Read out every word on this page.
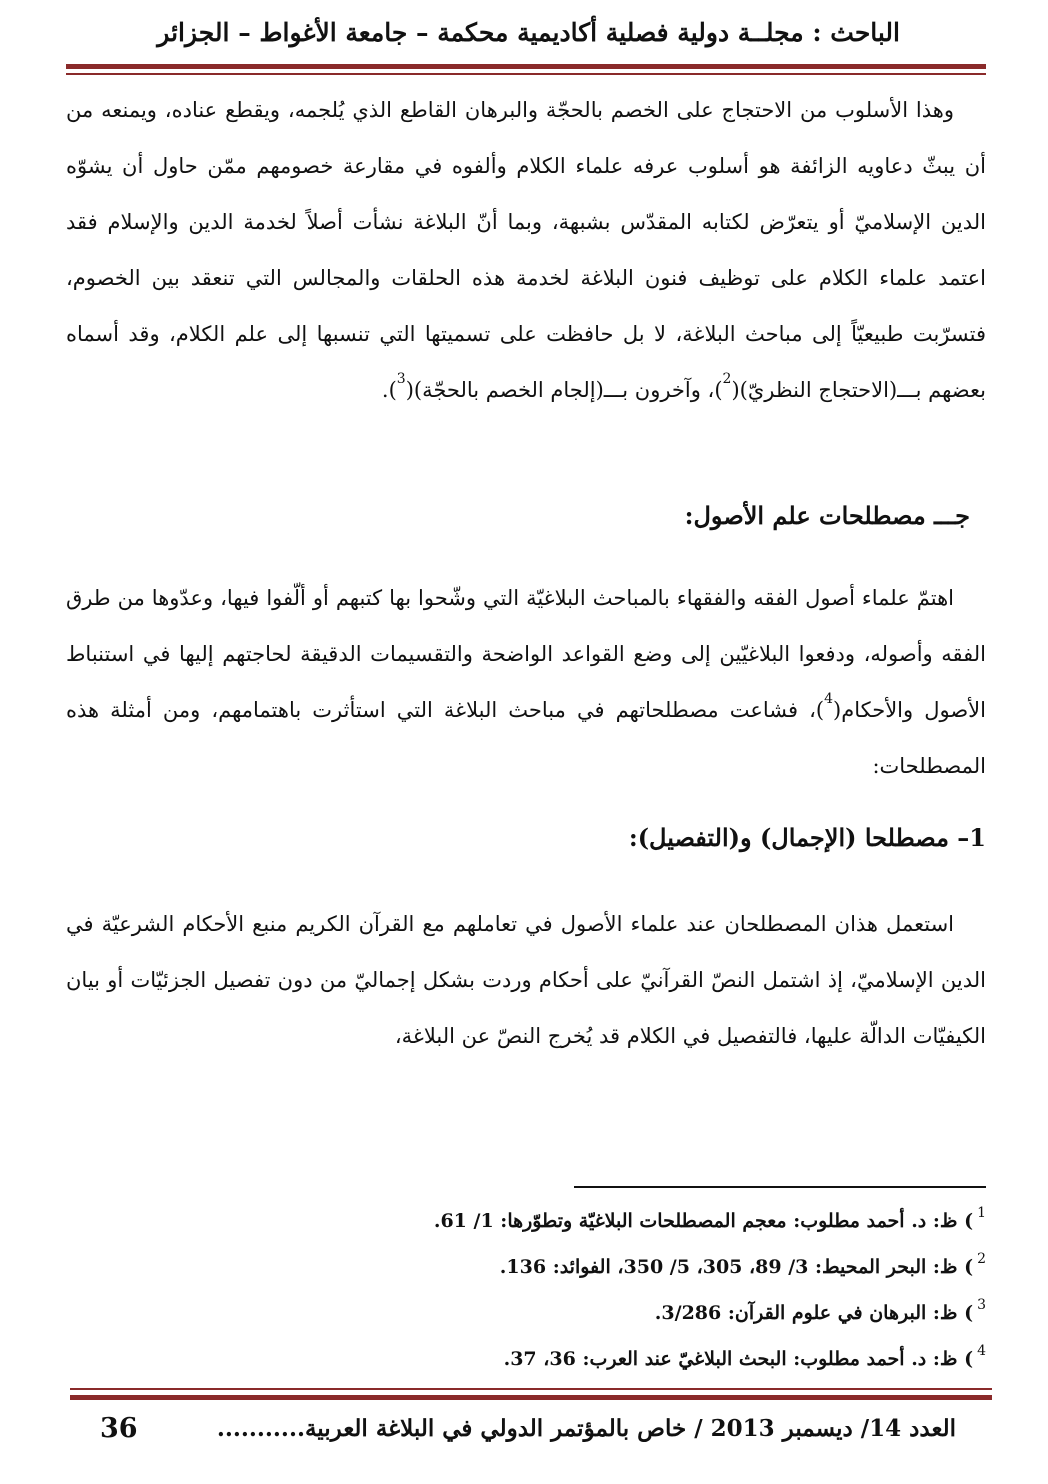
الباحث : مجلــة دولية فصلية أكاديمية محكمة – جامعة الأغواط – الجزائر

وهذا الأسلوب من الاحتجاج على الخصم بالحجّة والبرهان القاطع الذي يُلجمه، ويقطع عناده، ويمنعه من أن يبثّ دعاويه الزائفة هو أسلوب عرفه علماء الكلام وألفوه في مقارعة خصومهم ممّن حاول أن يشوّه الدين الإسلاميّ أو يتعرّض لكتابه المقدّس بشبهة، وبما أنّ البلاغة نشأت أصلاً لخدمة الدين والإسلام فقد اعتمد علماء الكلام على توظيف فنون البلاغة لخدمة هذه الحلقات والمجالس التي تنعقد بين الخصوم، فتسرّبت طبيعيّاً إلى مباحث البلاغة، لا بل حافظت على تسميتها التي تنسبها إلى علم الكلام، وقد أسماه بعضهم بـــ(الاحتجاج النظريّ)($^2$)، وآخرون بـــ(إلجام الخصم بالحجّة)($^3$).

جـــ مصطلحات علم الأصول:

اهتمّ علماء أصول الفقه والفقهاء بالمباحث البلاغيّة التي وشّحوا بها كتبهم أو ألّفوا فيها، وعدّوها من طرق الفقه وأصوله، ودفعوا البلاغيّين إلى وضع القواعد الواضحة والتقسيمات الدقيقة لحاجتهم إليها في استنباط الأصول والأحكام($^4$)، فشاعت مصطلحاتهم في مباحث البلاغة التي استأثرت باهتمامهم، ومن أمثلة هذه المصطلحات:

1– مصطلحا (الإجمال) و(التفصيل):

استعمل هذان المصطلحان عند علماء الأصول في تعاملهم مع القرآن الكريم منبع الأحكام الشرعيّة في الدين الإسلاميّ، إذ اشتمل النصّ القرآنيّ على أحكام وردت بشكل إجماليّ من دون تفصيل الجزئيّات أو بيان الكيفيّات الدالّة عليها، فالتفصيل في الكلام قد يُخرج النصّ عن البلاغة،

$^1$) ظ: د. أحمد مطلوب: معجم المصطلحات البلاغيّة وتطوّرها: 1/ 61.
$^2$) ظ: البحر المحيط: 3/ 89، 305، 5/ 350، الفوائد: 136.
$^3$) ظ: البرهان في علوم القرآن: 3/286.
$^4$) ظ: د. أحمد مطلوب: البحث البلاغيّ عند العرب: 36، 37.
العدد 14/ ديسمبر 2013 / خاص بالمؤتمر الدولي في البلاغة العربية...........
36
